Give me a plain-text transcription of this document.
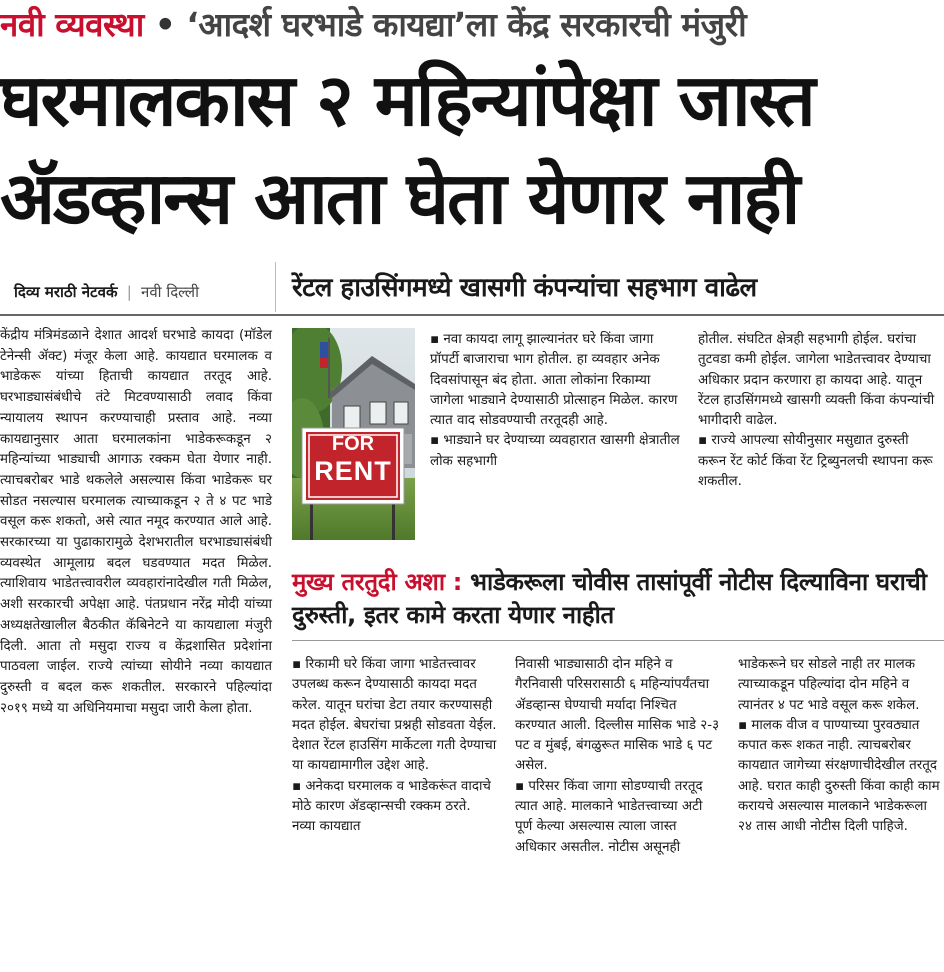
नवी व्यवस्था • ‘आदर्श घरभाडे कायद्या’ला केंद्र सरकारची मंजुरी
घरमालकास २ महिन्यांपेक्षा जास्त
ॲडव्हान्स आता घेता येणार नाही
दिव्य मराठी नेटवर्क | नवी दिल्ली	रेंटल हाउसिंगमध्ये खासगी कंपन्यांचा सहभाग वाढेल

केंद्रीय मंत्रिमंडळाने देशात आदर्श घरभाडे कायदा (मॉडेल टेनेन्सी ॲक्ट) मंजूर केला आहे. कायद्यात घरमालक व भाडेकरू यांच्या हिताची कायद्यात तरतूद आहे. घरभाड्यासंबंधीचे तंटे मिटवण्यासाठी लवाद किंवा न्यायालय स्थापन करण्याचाही प्रस्ताव आहे. नव्या कायद्यानुसार आता घरमालकांना भाडेकरूकडून २ महिन्यांच्या भाड्याची आगाऊ रक्कम घेता येणार नाही. त्याचबरोबर भाडे थकलेले असल्यास किंवा भाडेकरू घर सोडत नसल्यास घरमालक त्याच्याकडून २ ते ४ पट भाडे वसूल करू शकतो, असे त्यात नमूद करण्यात आले आहे. सरकारच्या या पुढाकारामुळे देशभरातील घरभाड्यासंबंधी व्यवस्थेत आमूलाग्र बदल घडवण्यात मदत मिळेल. त्याशिवाय भाडेतत्त्वावरील व्यवहारांनादेखील गती मिळेल, अशी सरकारची अपेक्षा आहे. पंतप्रधान नरेंद्र मोदी यांच्या अध्यक्षतेखालील बैठकीत कॅबिनेटने या कायद्याला मंजुरी दिली. आता तो मसुदा राज्य व केंद्रशासित प्रदेशांना पाठवला जाईल. राज्ये त्यांच्या सोयीने नव्या कायद्यात दुरुस्ती व बदल करू शकतील. सरकारने पहिल्यांदा २०१९ मध्ये या अधिनियमाचा मसुदा जारी केला होता.

FOR
RENT

▪ नवा कायदा लागू झाल्यानंतर घरे किंवा जागा प्रॉपर्टी बाजाराचा भाग होतील. हा व्यवहार अनेक दिवसांपासून बंद होता. आता लोकांना रिकाम्या जागेला भाड्याने देण्यासाठी प्रोत्साहन मिळेल. कारण त्यात वाद सोडवण्याची तरतूदही आहे.

▪ भाड्याने घर देण्याच्या व्यवहारात खासगी क्षेत्रातील लोक सहभागी

होतील. संघटित क्षेत्रही सहभागी होईल. घरांचा तुटवडा कमी होईल. जागेला भाडेतत्त्वावर देण्याचा अधिकार प्रदान करणारा हा कायदा आहे. यातून रेंटल हाउसिंगमध्ये खासगी व्यक्ती किंवा कंपन्यांची भागीदारी वाढेल.

▪ राज्ये आपल्या सोयीनुसार मसुद्यात दुरुस्ती करून रेंट कोर्ट किंवा रेंट ट्रिब्युनलची स्थापना करू शकतील.

मुख्य तरतुदी अशा : भाडेकरूला चोवीस तासांपूर्वी नोटीस दिल्याविना घराची दुरुस्ती, इतर कामे करता येणार नाहीत

▪ रिकामी घरे किंवा जागा भाडेतत्त्वावर उपलब्ध करून देण्यासाठी कायदा मदत करेल. यातून घरांचा डेटा तयार करण्यासही मदत होईल. बेघरांचा प्रश्नही सोडवता येईल. देशात रेंटल हाउसिंग मार्केटला गती देण्याचा या कायद्यामागील उद्देश आहे.

▪ अनेकदा घरमालक व भाडेकरूंत वादाचे मोठे कारण ॲडव्हान्सची रक्कम ठरते. नव्या कायद्यात

निवासी भाड्यासाठी दोन महिने व गैरनिवासी परिसरासाठी ६ महिन्यांपर्यंतचा ॲडव्हान्स घेण्याची मर्यादा निश्चित करण्यात आली. दिल्लीस मासिक भाडे २-३ पट व मुंबई, बंगळुरूत मासिक भाडे ६ पट असेल.

▪ परिसर किंवा जागा सोडण्याची तरतूद त्यात आहे. मालकाने भाडेतत्त्वाच्या अटी पूर्ण केल्या असल्यास त्याला जास्त अधिकार असतील. नोटीस असूनही

भाडेकरूने घर सोडले नाही तर मालक त्याच्याकडून पहिल्यांदा दोन महिने व त्यानंतर ४ पट भाडे वसूल करू शकेल.

▪ मालक वीज व पाण्याच्या पुरवठ्यात कपात करू शकत नाही. त्याचबरोबर कायद्यात जागेच्या संरक्षणाचीदेखील तरतूद आहे. घरात काही दुरुस्ती किंवा काही काम करायचे असल्यास मालकाने भाडेकरूला २४ तास आधी नोटीस दिली पाहिजे.
